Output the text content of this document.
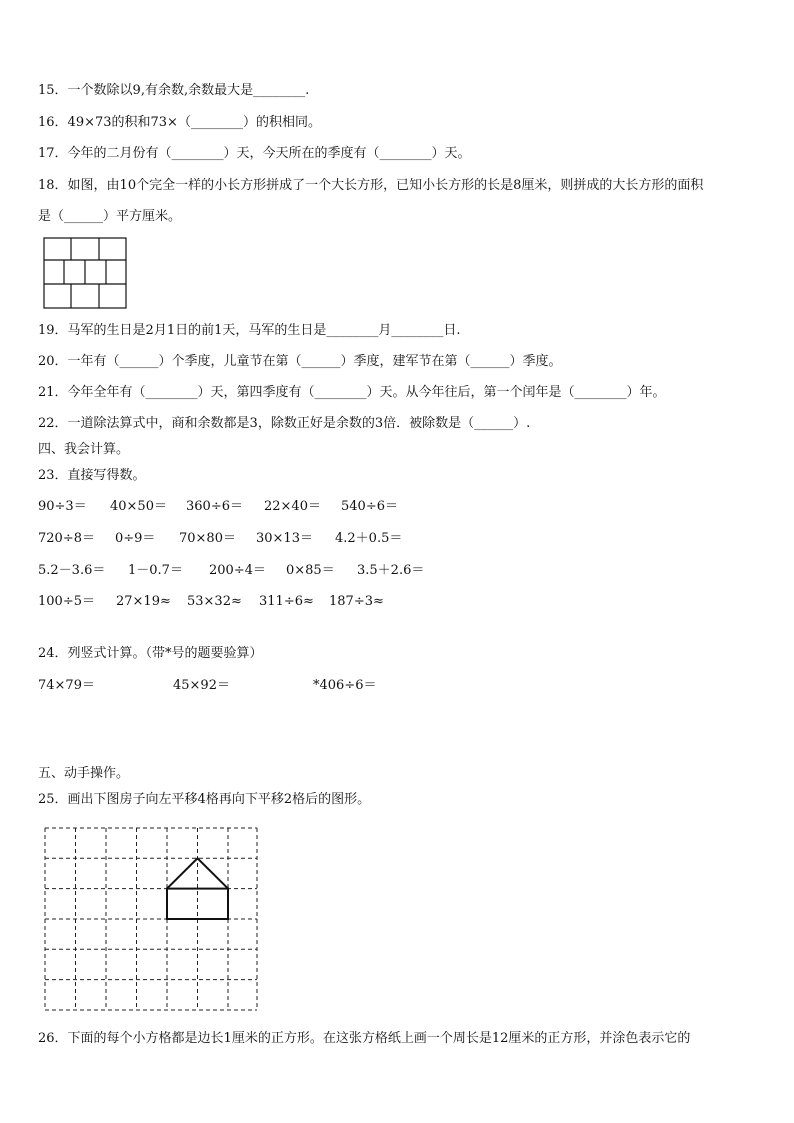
15．一个数除以9,有余数,余数最大是________.
16．49×73的积和73×（________）的积相同。
17．今年的二月份有（________）天，今天所在的季度有（________）天。
18．如图，由10个完全一样的小长方形拼成了一个大长方形，已知小长方形的长是8厘米，则拼成的大长方形的面积
是（______）平方厘米。
19．马军的生日是2月1日的前1天，马军的生日是________月________日.
20．一年有（______）个季度，儿童节在第（______）季度，建军节在第（______）季度。
21．今年全年有（________）天，第四季度有（________）天。从今年往后，第一个闰年是（________）年。
22．一道除法算式中，商和余数都是3，除数正好是余数的3倍．被除数是（______）.
四、我会计算。
23．直接写得数。
90÷3＝ 40×50＝ 360÷6＝ 22×40＝ 540÷6＝
720÷8＝ 0÷9＝ 70×80＝ 30×13＝ 4.2＋0.5＝
5.2－3.6＝ 1－0.7＝ 200÷4＝ 0×85＝ 3.5＋2.6＝
100÷5＝ 27×19≈ 53×32≈ 311÷6≈ 187÷3≈
24．列竖式计算。（带*号的题要验算）
74×79＝	45×92＝	*406÷6＝
五、动手操作。
25．画出下图房子向左平移4格再向下平移2格后的图形。
26．下面的每个小方格都是边长1厘米的正方形。在这张方格纸上画一个周长是12厘米的正方形，并涂色表示它的
